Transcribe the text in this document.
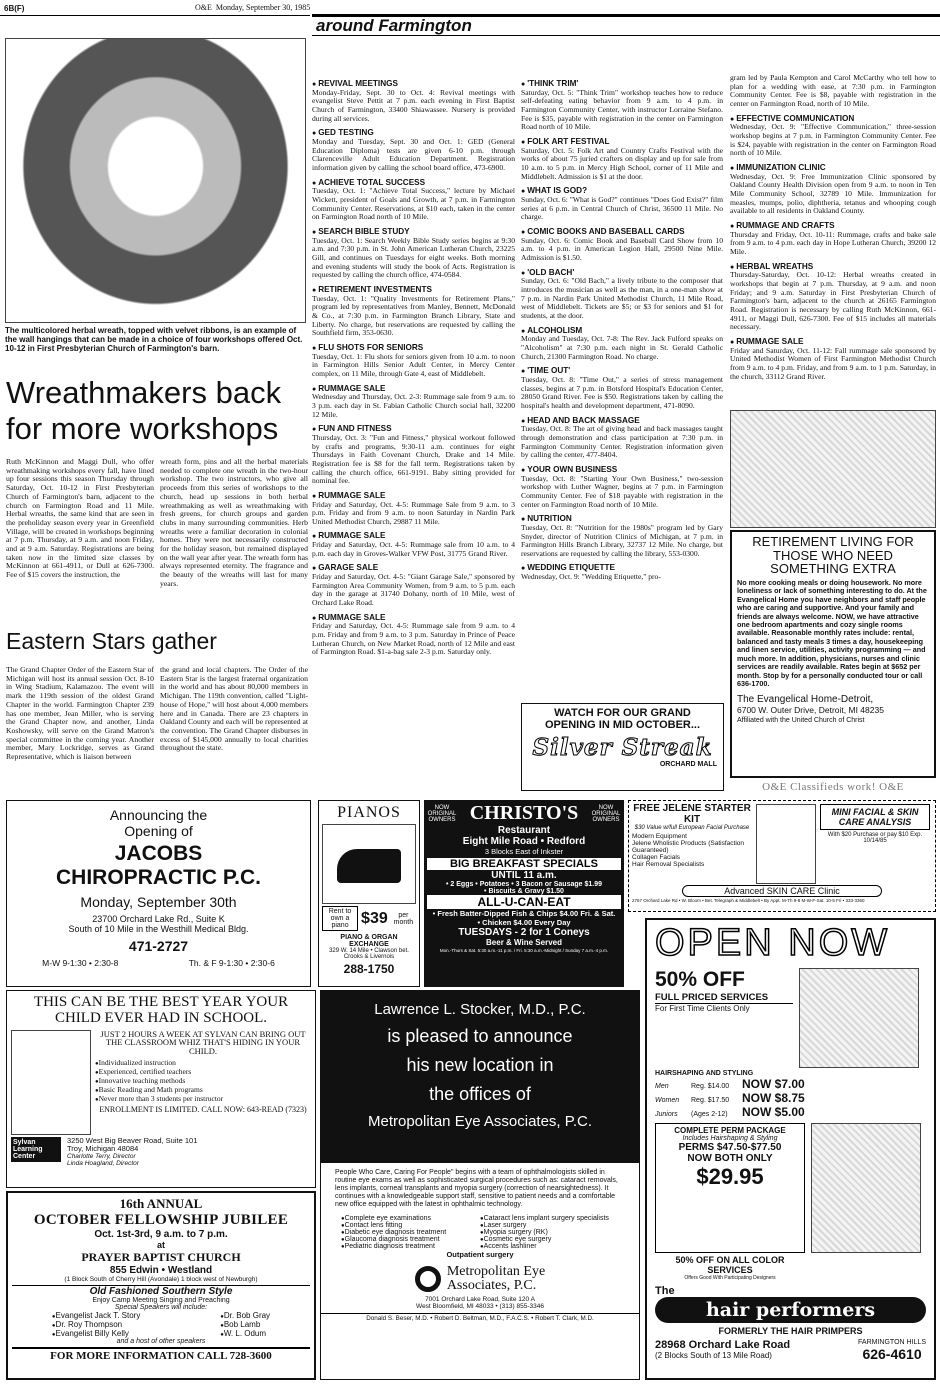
6B(F)	O&E Monday, September 30, 1985
around Farmington
The multicolored herbal wreath, topped with velvet ribbons, is an example of the wall hangings that can be made in a choice of four workshops offered Oct. 10-12 in First Presbyterian Church of Farmington's barn.
Wreathmakers back for more workshops
Ruth McKinnon and Maggi Dull, who offer wreathmaking workshops every fall, have lined up four sessions this season Thursday through Saturday, Oct. 10-12 in First Presbyterian Church of Farmington's barn, adjacent to the church on Farmington Road and 11 Mile. Herbal wreaths, the same kind that are seen in the preholiday season every year in Greenfield Village, will be created in workshops beginning at 7 p.m. Thursday, at 9 a.m. and noon Friday, and at 9 a.m. Saturday. Registrations are being taken now in the limited size classes by McKinnon at 661-4911, or Dull at 626-7300. Fee of $15 covers the instruction, the
wreath form, pins and all the herbal materials needed to complete one wreath in the two-hour workshop. The two instructors, who give all proceeds from this series of workshops to the church, head up sessions in both herbal wreathmaking as well as wreathmaking with fresh greens, for church groups and garden clubs in many surrounding communities. Herb wreaths were a familiar decoration in colonial homes. They were not necessarily constructed for the holiday season, but remained displayed on the wall year after year. The wreath form has always represented eternity. The fragrance and the beauty of the wreaths will last for many years.
Eastern Stars gather
The Grand Chapter Order of the Eastern Star of Michigan will host its annual session Oct. 8-10 in Wing Stadium, Kalamazoo. The event will mark the 119th session of the oldest Grand Chapter in the world. Farmington Chapter 239 has one member, Jean Miller, who is serving the Grand Chapter now, and another, Linda Koshowsky, will serve on the Grand Matron's special committee in the coming year. Another member, Mary Lockridge, serves as Grand Representative, which is liaison between
the grand and local chapters. The Order of the Eastern Star is the largest fraternal organization in the world and has about 80,000 members in Michigan. The 119th convention, called "Light-house of Hope," will host about 4,000 members here and in Canada. There are 23 chapters in Oakland County and each will be represented at the convention. The Grand Chapter disburses in excess of $145,000 annually to local charities throughout the state.
● REVIVAL MEETINGS
Monday-Friday, Sept. 30 to Oct. 4: Revival meetings with evangelist Steve Pettit at 7 p.m. each evening in First Baptist Church of Farmington, 33400 Shiawassee. Nursery is provided during all services.
● GED TESTING
Monday and Tuesday, Sept. 30 and Oct. 1: GED (General Education Diploma) tests are given 6-10 p.m. through Clarenceville Adult Education Department. Registration information given by calling the school board office, 473-6900.
● ACHIEVE TOTAL SUCCESS
Tuesday, Oct. 1: "Achieve Total Success," lecture by Michael Wickett, president of Goals and Growth, at 7 p.m. in Farmington Community Center. Reservations, at $10 each, taken in the center on Farmington Road north of 10 Mile.
● SEARCH BIBLE STUDY
Tuesday, Oct. 1: Search Weekly Bible Study series begins at 9:30 a.m. and 7:30 p.m. in St. John American Lutheran Church, 23225 Gill, and continues on Tuesdays for eight weeks. Both morning and evening students will study the book of Acts. Registration is requested by calling the church office, 474-0584.
● RETIREMENT INVESTMENTS
Tuesday, Oct. 1: "Quality Investments for Retirement Plans," program led by representatives from Manley, Bennett, McDonald & Co., at 7:30 p.m. in Farmington Branch Library, State and Liberty. No charge, but reservations are requested by calling the Southfield firm, 353-0630.
● FLU SHOTS FOR SENIORS
Tuesday, Oct. 1: Flu shots for seniors given from 10 a.m. to noon in Farmington Hills Senior Adult Center, in Mercy Center complex, on 11 Mile, through Gate 4, east of Middlebelt.
● RUMMAGE SALE
Wednesday and Thursday, Oct. 2-3: Rummage sale from 9 a.m. to 3 p.m. each day in St. Fabian Catholic Church social hall, 32200 12 Mile.
● FUN AND FITNESS
Thursday, Oct. 3: "Fun and Fitness," physical workout followed by crafts and programs, 9:30-11 a.m. continues for eight Thursdays in Faith Covenant Church, Drake and 14 Mile. Registration fee is $8 for the fall term. Registrations taken by calling the church office, 661-9191. Baby sitting provided for nominal fee.
● RUMMAGE SALE
Friday and Saturday, Oct. 4-5: Rummage Sale from 9 a.m. to 3 p.m. Friday and from 9 a.m. to noon Saturday in Nardin Park United Methodist Church, 29887 11 Mile.
● RUMMAGE SALE
Friday and Saturday, Oct. 4-5: Rummage sale from 10 a.m. to 4 p.m. each day in Groves-Walker VFW Post, 31775 Grand River.
● GARAGE SALE
Friday and Saturday, Oct. 4-5: "Giant Garage Sale," sponsored by Farmington Area Community Women, from 9 a.m. to 5 p.m. each day in the garage at 31740 Dohany, north of 10 Mile, west of Orchard Lake Road.
● RUMMAGE SALE
Friday and Saturday, Oct. 4-5: Rummage sale from 9 a.m. to 4 p.m. Friday and from 9 a.m. to 3 p.m. Saturday in Prince of Peace Lutheran Church, on New Market Road, north of 12 Mile and east of Farmington Road. $1-a-bag sale 2-3 p.m. Saturday only.
● 'THINK TRIM'
Saturday, Oct. 5: "Think Trim" workshop teaches how to reduce self-defeating eating behavior from 9 a.m. to 4 p.m. in Farmington Community Center, with instructor Lorraine Stefano. Fee is $35, payable with registration in the center on Farmington Road north of 10 Mile.
● FOLK ART FESTIVAL
Saturday, Oct. 5: Folk Art and Country Crafts Festival with the works of about 75 juried crafters on display and up for sale from 10 a.m. to 5 p.m. in Mercy High School, corner of 11 Mile and Middlebelt. Admission is $1 at the door.
● WHAT IS GOD?
Sunday, Oct. 6: "What is God?" continues "Does God Exist?" film series at 6 p.m. in Central Church of Christ, 36500 11 Mile. No charge.
● COMIC BOOKS AND BASEBALL CARDS
Sunday, Oct. 6: Comic Book and Baseball Card Show from 10 a.m. to 4 p.m. in American Legion Hall, 29500 Nine Mile. Admission is $1.50.
● 'OLD BACH'
Sunday, Oct. 6: "Old Bach," a lively tribute to the composer that introduces the musician as well as the man, in a one-man show at 7 p.m. in Nardin Park United Methodist Church, 11 Mile Road, west of Middlebelt. Tickets are $5; or $3 for seniors and $1 for students, at the door.
● ALCOHOLISM
Monday and Tuesday, Oct. 7-8: The Rev. Jack Fulford speaks on "Alcoholism" at 7:30 p.m. each night in St. Gerald Catholic Church, 21300 Farmington Road. No charge.
● 'TIME OUT'
Tuesday, Oct. 8: "Time Out," a series of stress management classes, begins at 7 p.m. in Botsford Hospital's Education Center, 28050 Grand River. Fee is $50. Registrations taken by calling the hospital's health and development department, 471-8090.
● HEAD AND BACK MASSAGE
Tuesday, Oct. 8: The art of giving head and back massages taught through demonstration and class participation at 7:30 p.m. in Farmington Community Center. Registration information given by calling the center, 477-8404.
● YOUR OWN BUSINESS
Tuesday, Oct. 8: "Starting Your Own Business," two-session workshop with Luther Wagner, begins at 7 p.m. in Farmington Community Center. Fee of $18 payable with registration in the center on Farmington Road north of 10 Mile.
● NUTRITION
Tuesday, Oct. 8: "Nutrition for the 1980s" program led by Gary Snyder, director of Nutrition Clinics of Michigan, at 7 p.m. in Farmington Hills Branch Library, 32737 12 Mile. No charge, but reservations are requested by calling the library, 553-0300.
● WEDDING ETIQUETTE
Wednesday, Oct. 9: "Wedding Etiquette," pro-
gram led by Paula Kempton and Carol McCarthy who tell how to plan for a wedding with ease, at 7:30 p.m. in Farmington Community Center. Fee is $8, payable with registration in the center on Farmington Road, north of 10 Mile.
● EFFECTIVE COMMUNICATION
Wednesday, Oct. 9: "Effective Communication," three-session workshop begins at 7 p.m. in Farmington Community Center. Fee is $24, payable with registration in the center on Farmington Road north of 10 Mile.
● IMMUNIZATION CLINIC
Wednesday, Oct. 9: Free Immunization Clinic sponsored by Oakland County Health Division open from 9 a.m. to noon in Ten Mile Community School, 32789 10 Mile. Immunization for measles, mumps, polio, diphtheria, tetanus and whooping cough available to all residents in Oakland County.
● RUMMAGE AND CRAFTS
Thursday and Friday, Oct. 10-11: Rummage, crafts and bake sale from 9 a.m. to 4 p.m. each day in Hope Lutheran Church, 39200 12 Mile.
● HERBAL WREATHS
Thursday-Saturday, Oct. 10-12: Herbal wreaths created in workshops that begin at 7 p.m. Thursday, at 9 a.m. and noon Friday; and 9 a.m. Saturday in First Presbyterian Church of Farmington's barn, adjacent to the church at 26165 Farmington Road. Registration is necessary by calling Ruth McKinnon, 661-4911, or Maggi Dull, 626-7300. Fee of $15 includes all materials necessary.
● RUMMAGE SALE
Friday and Saturday, Oct. 11-12: Fall rummage sale sponsored by United Methodist Women of First Farmington Methodist Church from 9 a.m. to 4 p.m. Friday, and from 9 a.m. to 1 p.m. Saturday, in the church, 33112 Grand River.
RETIREMENT LIVING FOR THOSE WHO NEED SOMETHING EXTRA
No more cooking meals or doing housework. No more loneliness or lack of something interesting to do. At the Evangelical Home you have neighbors and staff people who are caring and supportive. And your family and friends are always welcome. NOW, we have attractive one bedroom apartments and cozy single rooms available. Reasonable monthly rates include: rental, balanced and tasty meals 3 times a day, housekeeping and linen service, utilities, activity programming — and much more. In addition, physicians, nurses and clinic services are readily available. Rates begin at $652 per month. Stop by for a personally conducted tour or call 636-1700.
The Evangelical Home-Detroit,
6700 W. Outer Drive, Detroit, MI 48235
Affiliated with the United Church of Christ
WATCH FOR OUR GRAND OPENING IN MID OCTOBER...
Silver Streak
ORCHARD MALL
O&E Classifieds work! O&E
Announcing the
Opening of
JACOBS
CHIROPRACTIC P.C.
Monday, September 30th
23700 Orchard Lake Rd., Suite K
South of 10 Mile in the Westhill Medical Bldg.
471-2727
M-W 9-1:30 • 2:30-8	Th. & F 9-1:30 • 2:30-6
PIANOS
Rent to own a piano $39	per month
PIANO & ORGAN EXCHANGE
329 W. 14 Mile • Clawson bet. Crooks & Livernois
288-1750
NOW ORIGINAL OWNERS CHRISTO'S	NOW ORIGINAL OWNERS
Restaurant
Eight Mile Road • Redford
3 Blocks East of Inkster
BIG BREAKFAST SPECIALS
UNTIL 11 a.m.
• 2 Eggs • Potatoes • 3 Bacon or Sausage $1.99
• Biscuits & Gravy $1.50
ALL-U-CAN-EAT
• Fresh Batter-Dipped Fish & Chips $4.00 Fri. & Sat.
• Chicken $4.00 Every Day
TUESDAYS - 2 for 1 Coneys
Beer & Wine Served
Mon.-Thurs & Sat. 5:30 a.m.-11 p.m. / Fri. 5:30 a.m.-Midnight / Sunday 7 a.m.-4 p.m.
FREE JELENE STARTER KIT
$30 Value w/full European Facial Purchase
Modern Equipment
Jelene Wholistic Products (Satisfaction Guaranteed)
Collagen Facials
Hair Removal Specialists
MINI FACIAL & SKIN CARE ANALYSIS
With $20 Purchase or pay $10 Exp. 10/14/85
Advanced SKIN CARE Clinic
2767 Orchard Lake Rd • W. Bloom • Bet. Telegraph & Middlebelt • By Appt. M-Th 9-8 M-W-F-Sat. 10-5 Fri • 333-3360
OPEN NOW
50% OFF
FULL PRICED SERVICES
For First Time Clients Only
HAIRSHAPING AND STYLING
Men	Reg. $14.00	NOW $7.00
Women	Reg. $17.50	NOW $8.75
Juniors	(Ages 2-12)	NOW $5.00
COMPLETE PERM PACKAGE
Includes Hairshaping & Styling
PERMS $47.50-$77.50
NOW BOTH ONLY
$29.95
50% OFF ON ALL COLOR SERVICES
Offers Good With Participating Designers
The
hair performers
FORMERLY THE HAIR PRIMPERS
28968 Orchard Lake Road
(2 Blocks South of 13 Mile Road)
FARMINGTON HILLS
626-4610
THIS CAN BE THE BEST YEAR YOUR CHILD EVER HAD IN SCHOOL.
JUST 2 HOURS A WEEK AT SYLVAN CAN BRING OUT THE CLASSROOM WHIZ THAT'S HIDING IN YOUR CHILD.
● Individualized instruction
● Experienced, certified teachers
● Innovative teaching methods
● Basic Reading and Math programs
● Never more than 3 students per instructor
ENROLLMENT IS LIMITED. CALL NOW: 643-READ (7323)
Sylvan Learning Center
3250 West Big Beaver Road, Suite 101
Troy, Michigan 48084
Charlotte Terry, Director
Linda Hoagland, Director
16th ANNUAL
OCTOBER FELLOWSHIP JUBILEE
Oct. 1st-3rd, 9 a.m. to 7 p.m.
at
PRAYER BAPTIST CHURCH
855 Edwin • Westland
(1 Block South of Cherry Hill (Avondale) 1 block west of Newburgh)
Old Fashioned Southern Style
Enjoy Camp Meeting Singing and Preaching
Special Speakers will include:
● Evangelist Jack T. Story
● Dr. Roy Thompson
● Evangelist Billy Kelly
● Dr. Bob Gray
● Bob Lamb
● W. L. Odum
and a host of other speakers
FOR MORE INFORMATION CALL 728-3600
Lawrence L. Stocker, M.D., P.C.
is pleased to announce
his new location in
the offices of
Metropolitan Eye Associates, P.C.
People Who Care, Caring For People" begins with a team of ophthalmologists skilled in routine eye exams as well as sophisticated surgical procedures such as: cataract removals, lens implants, corneal transplants and myopia surgery (correction of nearsightedness). It continues with a knowledgeable support staff, sensitive to patient needs and a comfortable new office equipped with the latest in ophthalmic technology.
● Complete eye examinations
● Contact lens fitting
● Diabetic eye diagnosis treatment
● Glaucoma diagnosis treatment
● Pediatric diagnosis treatment
● Cataract lens implant surgery specialists
● Laser surgery
● Myopia surgery (RK)
● Cosmetic eye surgery
● Accents lashliner
Outpatient surgery
Metropolitan Eye
Associates, P.C.
7001 Orchard Lake Road, Suite 120 A
West Bloomfield, MI 48033 • (313) 855-3346
Donald S. Beser, M.D. • Robert D. Beltman, M.D., F.A.C.S. • Robert T. Clark, M.D.
